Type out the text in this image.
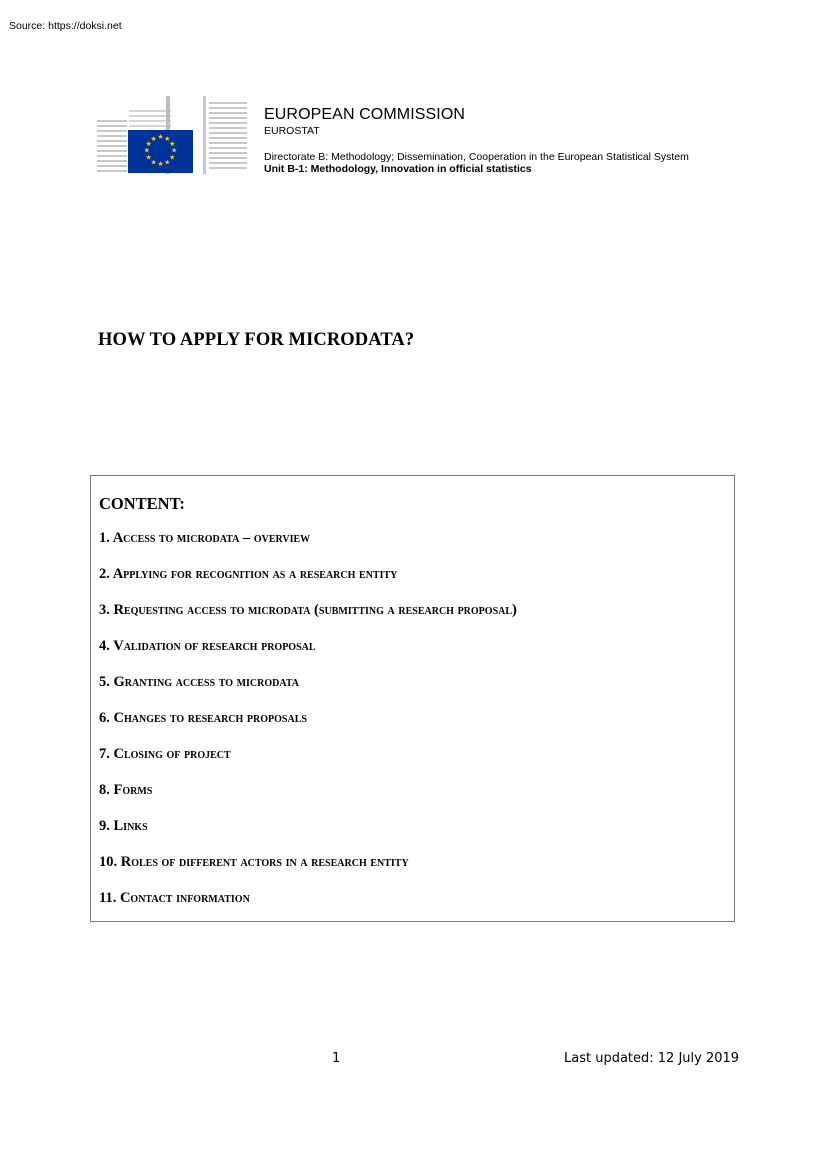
Source: https://doksi.net

★ ★
★
★
★
★
★
★
★
★
★
★
EUROPEAN COMMISSION
EUROSTAT
Directorate B: Methodology; Dissemination, Cooperation in the European Statistical System
Unit B-1: Methodology, Innovation in official statistics
HOW TO APPLY FOR MICRODATA?
CONTENT:
1. Access to microdata – overview
2. Applying for recognition as a research entity
3. Requesting access to microdata (submitting a research proposal)
4. Validation of research proposal
5. Granting access to microdata
6. Changes to research proposals
7. Closing of project
8. Forms
9. Links
10. Roles of different actors in a research entity
11. Contact information
1	Last updated: 12 July 2019
